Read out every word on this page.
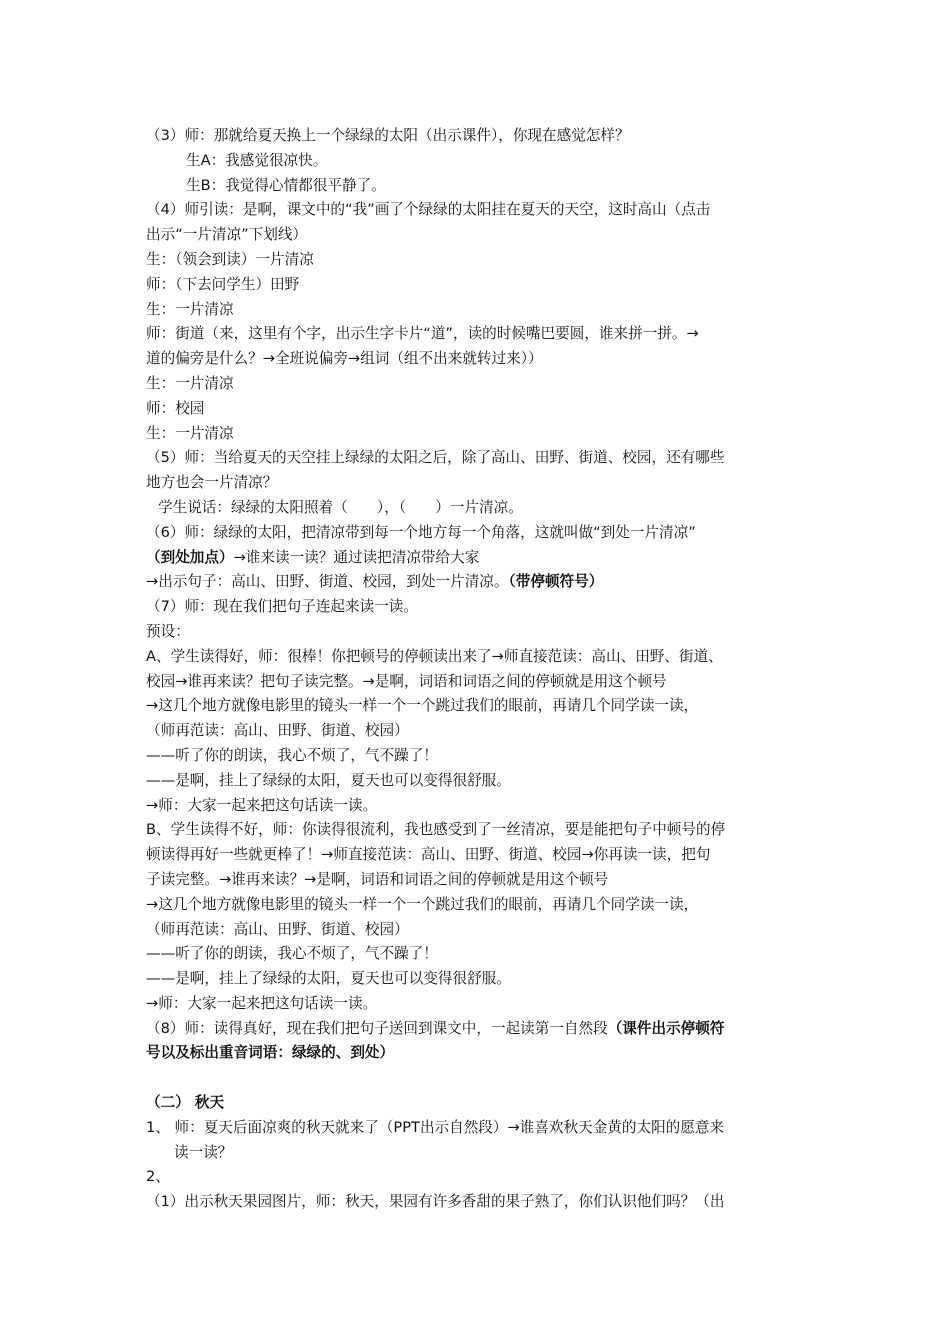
（3）师：那就给夏天换上一个绿绿的太阳（出示课件），你现在感觉怎样？
生A：我感觉很凉快。
生B：我觉得心情都很平静了。
（4）师引读：是啊，课文中的“我”画了个绿绿的太阳挂在夏天的天空，这时高山（点击
出示“一片清凉”下划线）
生：（领会到读）一片清凉
师：（下去问学生）田野
生：一片清凉
师：街道（来，这里有个字，出示生字卡片“道”，读的时候嘴巴要圆，谁来拼一拼。→
道的偏旁是什么？→全班说偏旁→组词（组不出来就转过来））
生：一片清凉
师：校园
生：一片清凉
（5）师：当给夏天的天空挂上绿绿的太阳之后，除了高山、田野、街道、校园，还有哪些
地方也会一片清凉？
学生说话：绿绿的太阳照着（　　），（　　）一片清凉。
（6）师：绿绿的太阳，把清凉带到每一个地方每一个角落，这就叫做“到处一片清凉”
（到处加点）→谁来读一读？通过读把清凉带给大家
→出示句子：高山、田野、街道、校园，到处一片清凉。（带停顿符号）
（7）师：现在我们把句子连起来读一读。
预设：
A、学生读得好，师：很棒！你把顿号的停顿读出来了→师直接范读：高山、田野、街道、
校园→谁再来读？把句子读完整。→是啊，词语和词语之间的停顿就是用这个顿号
→这几个地方就像电影里的镜头一样一个一个跳过我们的眼前，再请几个同学读一读，
（师再范读：高山、田野、街道、校园）
——听了你的朗读，我心不烦了，气不躁了！
——是啊，挂上了绿绿的太阳，夏天也可以变得很舒服。
→师：大家一起来把这句话读一读。
B、学生读得不好，师：你读得很流利，我也感受到了一丝清凉，要是能把句子中顿号的停
顿读得再好一些就更棒了！→师直接范读：高山、田野、街道、校园→你再读一读，把句
子读完整。→谁再来读？→是啊，词语和词语之间的停顿就是用这个顿号
→这几个地方就像电影里的镜头一样一个一个跳过我们的眼前，再请几个同学读一读，
（师再范读：高山、田野、街道、校园）
——听了你的朗读，我心不烦了，气不躁了！
——是啊，挂上了绿绿的太阳，夏天也可以变得很舒服。
→师：大家一起来把这句话读一读。
（8）师：读得真好，现在我们把句子送回到课文中，一起读第一自然段（课件出示停顿符
号以及标出重音词语：绿绿的、到处）
（二） 秋天
1、 师：夏天后面凉爽的秋天就来了（PPT出示自然段）→谁喜欢秋天金黄的太阳的愿意来
读一读？
2、
（1）出示秋天果园图片，师：秋天，果园有许多香甜的果子熟了，你们认识他们吗？（出
